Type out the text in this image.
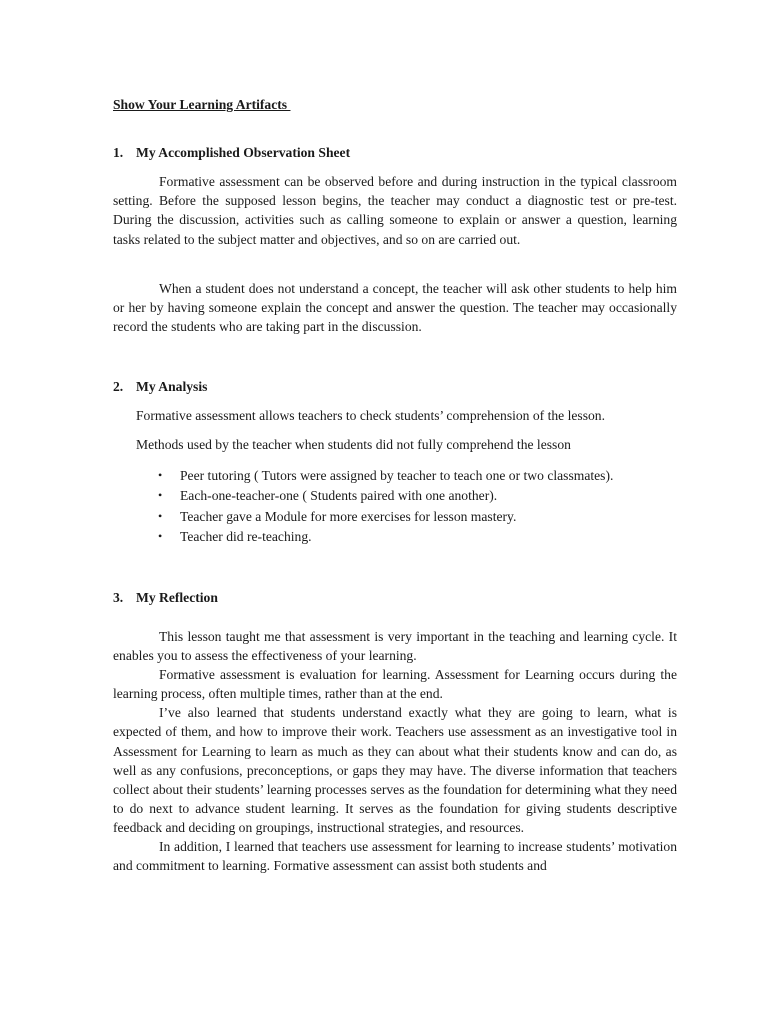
Show Your Learning Artifacts
1. My Accomplished Observation Sheet

Formative assessment can be observed before and during instruction in the typical classroom setting. Before the supposed lesson begins, the teacher may conduct a diagnostic test or pre-test. During the discussion, activities such as calling someone to explain or answer a question, learning tasks related to the subject matter and objectives, and so on are carried out.

When a student does not understand a concept, the teacher will ask other students to help him or her by having someone explain the concept and answer the question. The teacher may occasionally record the students who are taking part in the discussion.

2. My Analysis

Formative assessment allows teachers to check students’ comprehension of the lesson.

Methods used by the teacher when students did not fully comprehend the lesson

• Peer tutoring ( Tutors were assigned by teacher to teach one or two classmates).
• Each-one-teacher-one ( Students paired with one another).
• Teacher gave a Module for more exercises for lesson mastery.
• Teacher did re-teaching.
3. My Reflection

This lesson taught me that assessment is very important in the teaching and learning cycle. It enables you to assess the effectiveness of your learning.

Formative assessment is evaluation for learning. Assessment for Learning occurs during the learning process, often multiple times, rather than at the end.

I’ve also learned that students understand exactly what they are going to learn, what is expected of them, and how to improve their work. Teachers use assessment as an investigative tool in Assessment for Learning to learn as much as they can about what their students know and can do, as well as any confusions, preconceptions, or gaps they may have. The diverse information that teachers collect about their students’ learning processes serves as the foundation for determining what they need to do next to advance student learning. It serves as the foundation for giving students descriptive feedback and deciding on groupings, instructional strategies, and resources.

In addition, I learned that teachers use assessment for learning to increase students’ motivation and commitment to learning. Formative assessment can assist both students and
